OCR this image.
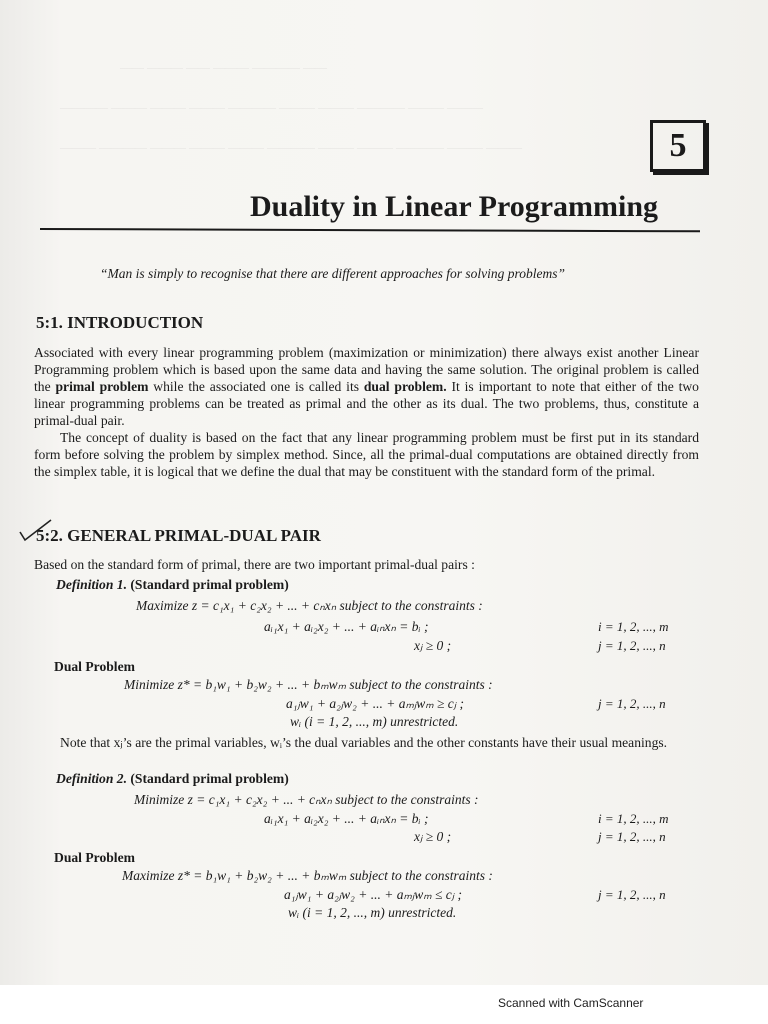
—— ——— —— ——— ———— ——
———— ——— ——— ——— ———— ——— ——— ———— ——— ———
——— ———— ——— ——— ——— ———— ——— ——— ———— ——— ———	5
Duality in Linear Programming
“Man is simply to recognise that there are different approaches for solving problems”
5:1. INTRODUCTION

Associated with every linear programming problem (maximization or minimization) there always exist another Linear Programming problem which is based upon the same data and having the same solution. The original problem is called the primal problem while the associated one is called its dual problem. It is important to note that either of the two linear programming problems can be treated as primal and the other as its dual. The two problems, thus, constitute a primal-dual pair.

The concept of duality is based on the fact that any linear programming problem must be first put in its standard form before solving the problem by simplex method. Since, all the primal-dual computations are obtained directly from the simplex table, it is logical that we define the dual that may be constituent with the standard form of the primal.

5:2. GENERAL PRIMAL-DUAL PAIR
Based on the standard form of primal, there are two important primal-dual pairs :
Definition 1. (Standard primal problem)
Maximize z = c₁x₁ + c₂x₂ + ... + cₙxₙ subject to the constraints :
aᵢ₁x₁ + aᵢ₂x₂ + ... + aᵢₙxₙ = bᵢ ;	i = 1, 2, ..., m
xⱼ ≥ 0 ;	j = 1, 2, ..., n
Dual Problem
Minimize z* = b₁w₁ + b₂w₂ + ... + bₘwₘ subject to the constraints :
a₁ⱼw₁ + a₂ⱼw₂ + ... + aₘⱼwₘ ≥ cⱼ ;	j = 1, 2, ..., n
wᵢ (i = 1, 2, ..., m) unrestricted.

Note that xⱼ’s are the primal variables, wᵢ’s the dual variables and the other constants have their usual meanings.

Definition 2. (Standard primal problem)
Minimize z = c₁x₁ + c₂x₂ + ... + cₙxₙ subject to the constraints :
aᵢ₁x₁ + aᵢ₂x₂ + ... + aᵢₙxₙ = bᵢ ;	i = 1, 2, ..., m
xⱼ ≥ 0 ;	j = 1, 2, ..., n
Dual Problem
Maximize z* = b₁w₁ + b₂w₂ + ... + bₘwₘ subject to the constraints :
a₁ⱼw₁ + a₂ⱼw₂ + ... + aₘⱼwₘ ≤ cⱼ ;	j = 1, 2, ..., n
wᵢ (i = 1, 2, ..., m) unrestricted.
Scanned with CamScanner
